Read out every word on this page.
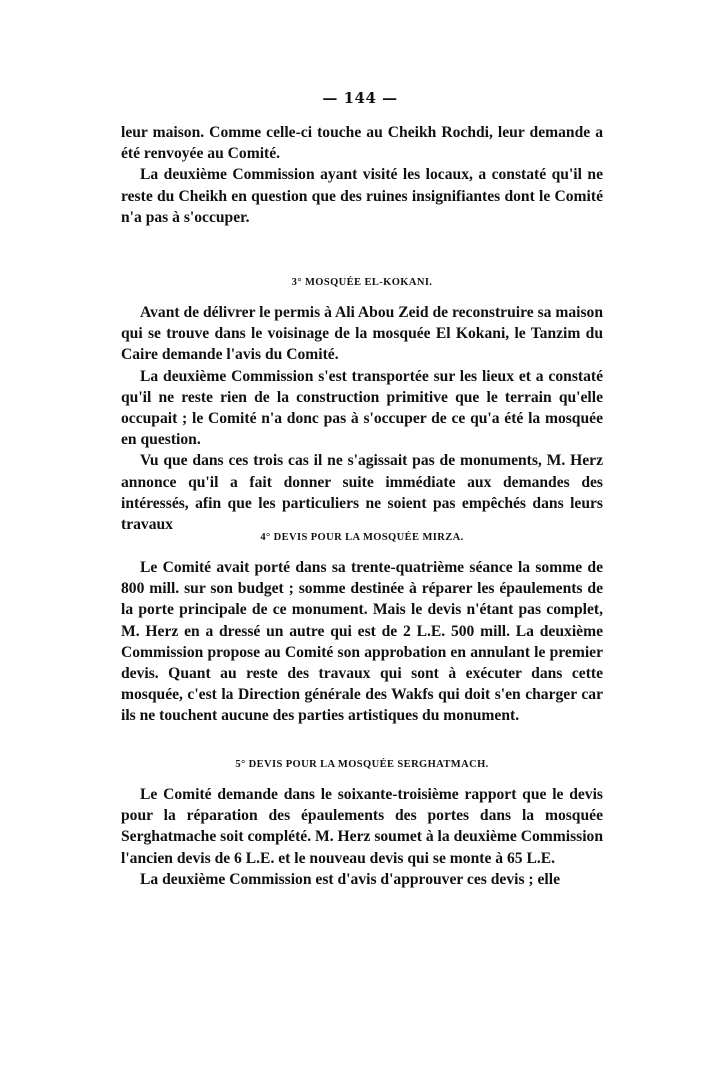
— 144 —

leur maison. Comme celle-ci touche au Cheikh Rochdi, leur demande a été renvoyée au Comité.

La deuxième Commission ayant visité les locaux, a constaté qu'il ne reste du Cheikh en question que des ruines insignifiantes dont le Comité n'a pas à s'occuper.

3° MOSQUÉE EL-KOKANI.

Avant de délivrer le permis à Ali Abou Zeid de reconstruire sa maison qui se trouve dans le voisinage de la mosquée El Kokani, le Tanzim du Caire demande l'avis du Comité.

La deuxième Commission s'est transportée sur les lieux et a constaté qu'il ne reste rien de la construction primitive que le terrain qu'elle occupait ; le Comité n'a donc pas à s'occuper de ce qu'a été la mosquée en question.

Vu que dans ces trois cas il ne s'agissait pas de monuments, M. Herz annonce qu'il a fait donner suite immédiate aux demandes des intéressés, afin que les particuliers ne soient pas empêchés dans leurs travaux

4° DEVIS POUR LA MOSQUÉE MIRZA.

Le Comité avait porté dans sa trente-quatrième séance la somme de 800 mill. sur son budget ; somme destinée à réparer les épaulements de la porte principale de ce monument. Mais le devis n'étant pas complet, M. Herz en a dressé un autre qui est de 2 L.E. 500 mill. La deuxième Commission propose au Comité son approbation en annulant le premier devis. Quant au reste des travaux qui sont à exécuter dans cette mosquée, c'est la Direction générale des Wakfs qui doit s'en charger car ils ne touchent aucune des parties artistiques du monument.

5° DEVIS POUR LA MOSQUÉE SERGHATMACH.

Le Comité demande dans le soixante-troisième rapport que le devis pour la réparation des épaulements des portes dans la mosquée Serghatmache soit complété. M. Herz soumet à la deuxième Commission l'ancien devis de 6 L.E. et le nouveau devis qui se monte à 65 L.E.

La deuxième Commission est d'avis d'approuver ces devis ; elle
